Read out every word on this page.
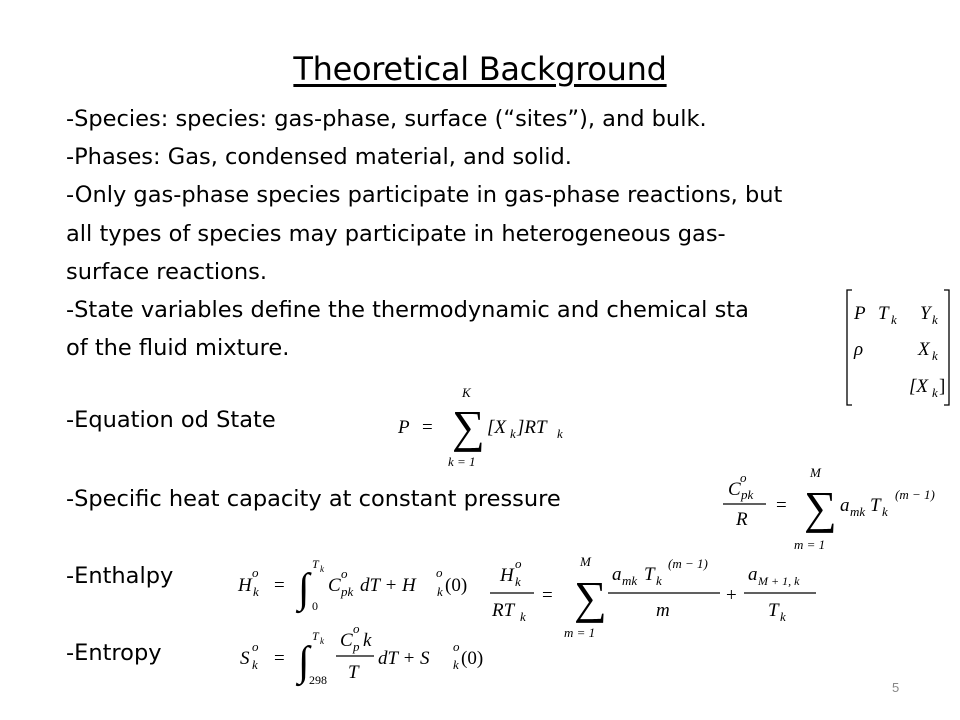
Theoretical Background
-Species: species: gas-phase, surface (“sites”), and bulk.
-Phases: Gas, condensed material, and solid.
-Only gas-phase species participate in gas-phase reactions, but
all types of species may participate in heterogeneous gas-
surface reactions.
-State variables define the thermodynamic and chemical sta
of the fluid mixture.
P T k Y k
ρ	X k
[X k ]
-Equation od State
-Specific heat capacity at constant pressure
-Enthalpy
-Entropy
P = ∑
K
k = 1
[X k ]RT k
C
o
pk
R
= ∑
M
m = 1
a mk T k
(m − 1)
H
o
k = ∫
T k
0
C
o
pk dT + H
o
k (0) H
o
k
RT k
= ∑
M
m = 1
a mk T k
(m − 1)
m
+
a M + 1, k
T k
S
o
k = ∫
T k
298
C
o
p k
T
dT + S
o
k (0)
5
